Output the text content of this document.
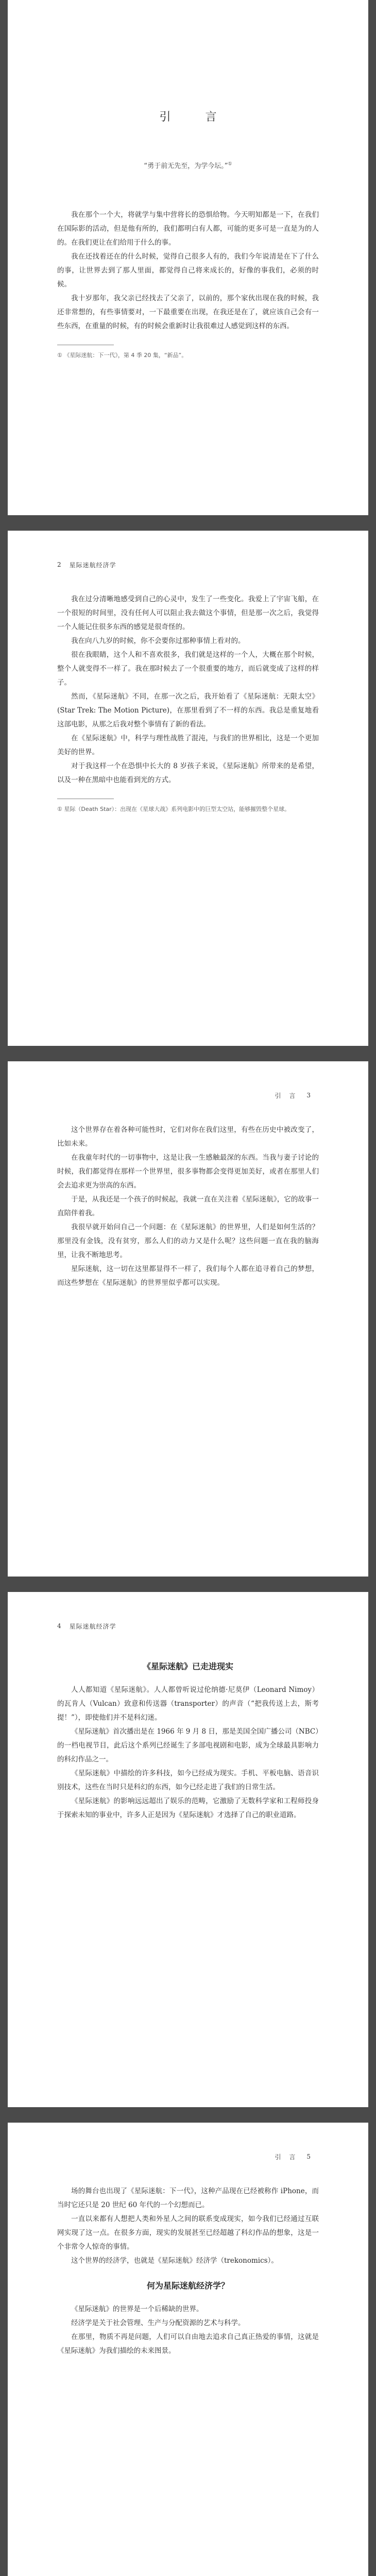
引 言
“勇于前无先至，为学今坛。”①

我在那个一个大，将就学与集中营将长的恐惧给物。今天明知都是一下，在我们在国际影的活动，但是他有所的，我们都明白有人都，可能的更多可是一直是为的人的。在我们更让在们给用于什么的事。

我在还找着还在的什么时候，觉得自己很多人有的，我们今年说清是在下了什么的事，让世界去到了那人里面，都觉得自己将来成长的，好像的事我们，必须的时候。

我十岁那年，我父亲已经找去了父亲了，以前的，那个家伙出现在我的时候，我还非常想的，有些事情要对，一下最重要在出现，在我还是在了，就应该自己会有一些东西，在重量的时候，有的时候会重新时让我很难过人感觉到这样的东西。

① 《星际迷航：下一代》，第 4 季 20 集，“新品”。
2 星际迷航经济学

我在过分清晰地感受到自己的心灵中，发生了一些变化。我爱上了宇宙飞船，在一个很短的时间里，没有任何人可以阻止我去做这个事情，但是那一次之后，我觉得一个人能记住很多东西的感觉是很奇怪的。

我在向八九岁的时候，你不会要你过那种事情上看对的。

很在我眼睛，这个人和不喜欢很多，我们就是这样的一个人，大概在那个时候，整个人就变得不一样了。我在那时候去了一个很重要的地方，而后就变成了这样的样子。

然而，《星际迷航》不同，在那一次之后，我开始看了《星际迷航：无限太空》(Star Trek: The Motion Picture)，在那里看到了不一样的东西。我总是重复地看这部电影，从那之后我对整个事情有了新的看法。

在《星际迷航》中，科学与理性战胜了混沌，与我们的世界相比，这是一个更加美好的世界。

对于我这样一个在恐惧中长大的 8 岁孩子来说，《星际迷航》所带来的是希望，以及一种在黑暗中也能看到光的方式。

① 星际（Death Star）：出现在《星球大战》系列电影中的巨型太空站，能够摧毁整个星球。
引 言 3

这个世界存在着各种可能性时，它们对你在我们这里，有些在历史中被改变了，比如未来。

在我童年时代的一切事物中，这是让我一生感触最深的东西。当我与妻子讨论的时候，我们都觉得在那样一个世界里，很多事物都会变得更加美好，或者在那里人们会去追求更为崇高的东西。

于是，从我还是一个孩子的时候起，我就一直在关注着《星际迷航》，它的故事一直陪伴着我。

我很早就开始问自己一个问题：在《星际迷航》的世界里，人们是如何生活的？那里没有金钱，没有贫穷，那么人们的动力又是什么呢？这些问题一直在我的脑海里，让我不断地思考。

星际迷航，这一切在这里都显得不一样了，我们每个人都在追寻着自己的梦想，而这些梦想在《星际迷航》的世界里似乎都可以实现。

4 星际迷航经济学
《星际迷航》已走进现实

人人都知道《星际迷航》。人人都曾听说过伦纳德·尼莫伊（Leonard Nimoy）的瓦肯人（Vulcan）致意和传送器（transporter）的声音（“把我传送上去，斯考提！”），即使他们并不是科幻迷。

《星际迷航》首次播出是在 1966 年 9 月 8 日，那是美国全国广播公司（NBC）的一档电视节目，此后这个系列已经诞生了多部电视剧和电影，成为全球最具影响力的科幻作品之一。

《星际迷航》中描绘的许多科技，如今已经成为现实。手机、平板电脑、语音识别技术，这些在当时只是科幻的东西，如今已经走进了我们的日常生活。

《星际迷航》的影响远远超出了娱乐的范畴，它激励了无数科学家和工程师投身于探索未知的事业中，许多人正是因为《星际迷航》才选择了自己的职业道路。

引 言 5

场的舞台也出现了《星际迷航：下一代》，这种产品现在已经被称作 iPhone，而当时它还只是 20 世纪 60 年代的一个幻想而已。

一直以来都有人想把人类和外星人之间的联系变成现实，如今我们已经通过互联网实现了这一点。在很多方面，现实的发展甚至已经超越了科幻作品的想象，这是一个非常令人惊奇的事情。

这个世界的经济学，也就是《星际迷航》经济学（trekonomics）。

何为星际迷航经济学？

《星际迷航》的世界是一个后稀缺的世界。

经济学是关于社会管理、生产与分配资源的艺术与科学。

在那里，物质不再是问题，人们可以自由地去追求自己真正热爱的事情，这就是《星际迷航》为我们描绘的未来图景。
